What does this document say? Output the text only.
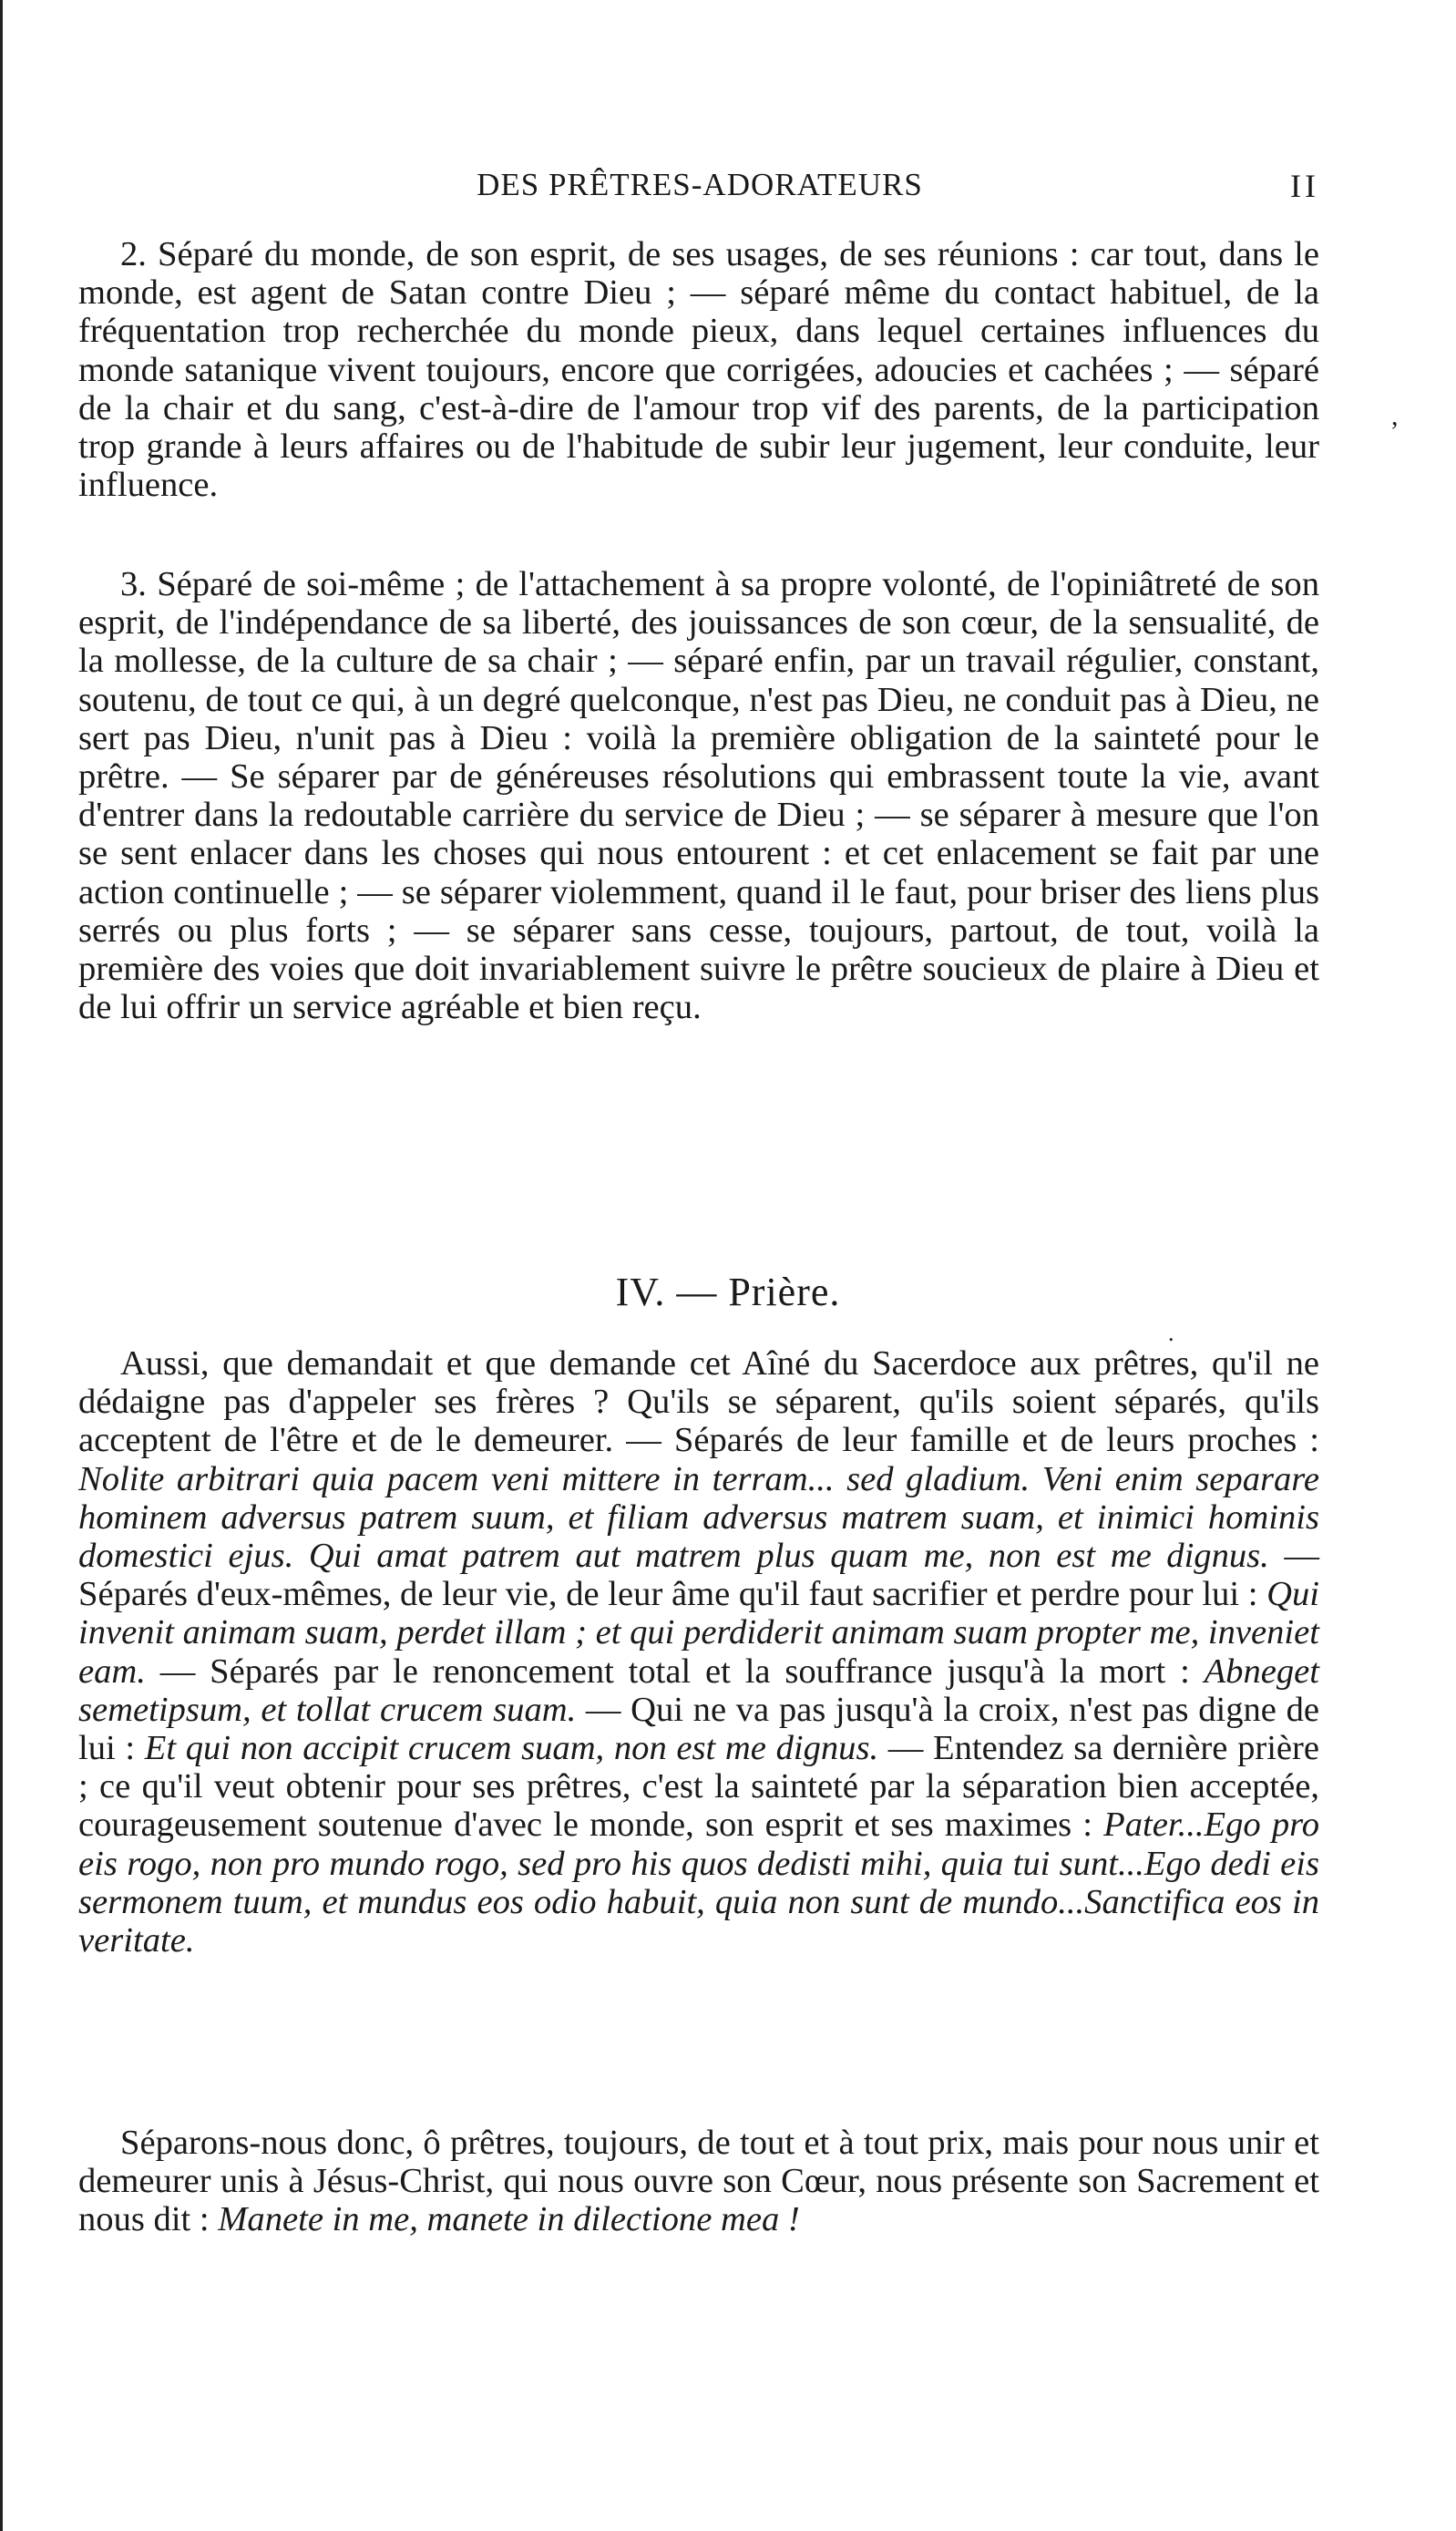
DES PRÊTRES-ADORATEURS	II

2. Séparé du monde, de son esprit, de ses usages, de ses réunions : car tout, dans le monde, est agent de Satan contre Dieu ; — séparé même du contact habituel, de la fréquentation trop recherchée du monde pieux, dans lequel certaines influences du monde satanique vivent toujours, encore que corrigées, adoucies et cachées ; — séparé de la chair et du sang, c'est-à-dire de l'amour trop vif des parents, de la participation trop grande à leurs affaires ou de l'habitude de subir leur jugement, leur conduite, leur influence.

3. Séparé de soi-même ; de l'attachement à sa propre volonté, de l'opiniâtreté de son esprit, de l'indépendance de sa liberté, des jouissances de son cœur, de la sensualité, de la mollesse, de la culture de sa chair ; — séparé enfin, par un travail régulier, constant, soutenu, de tout ce qui, à un degré quelconque, n'est pas Dieu, ne conduit pas à Dieu, ne sert pas Dieu, n'unit pas à Dieu : voilà la première obligation de la sainteté pour le prêtre. — Se séparer par de généreuses résolutions qui embrassent toute la vie, avant d'entrer dans la redoutable carrière du service de Dieu ; — se séparer à mesure que l'on se sent enlacer dans les choses qui nous entourent : et cet enlacement se fait par une action continuelle ; — se séparer violemment, quand il le faut, pour briser des liens plus serrés ou plus forts ; — se séparer sans cesse, toujours, partout, de tout, voilà la première des voies que doit invariablement suivre le prêtre soucieux de plaire à Dieu et de lui offrir un service agréable et bien reçu.

IV. — Prière.

Aussi, que demandait et que demande cet Aîné du Sacerdoce aux prêtres, qu'il ne dédaigne pas d'appeler ses frères ? Qu'ils se séparent, qu'ils soient séparés, qu'ils acceptent de l'être et de le demeurer. — Séparés de leur famille et de leurs proches : Nolite arbitrari quia pacem veni mittere in terram... sed gladium. Veni enim separare hominem adversus patrem suum, et filiam adversus matrem suam, et inimici hominis domestici ejus. Qui amat patrem aut matrem plus quam me, non est me dignus. — Séparés d'eux-mêmes, de leur vie, de leur âme qu'il faut sacrifier et perdre pour lui : Qui invenit animam suam, perdet illam ; et qui perdiderit animam suam propter me, inveniet eam. — Séparés par le renoncement total et la souffrance jusqu'à la mort : Abneget semetipsum, et tollat crucem suam. — Qui ne va pas jusqu'à la croix, n'est pas digne de lui : Et qui non accipit crucem suam, non est me dignus. — Entendez sa dernière prière ; ce qu'il veut obtenir pour ses prêtres, c'est la sainteté par la séparation bien acceptée, courageusement soutenue d'avec le monde, son esprit et ses maximes : Pater...Ego pro eis rogo, non pro mundo rogo, sed pro his quos dedisti mihi, quia tui sunt...Ego dedi eis sermonem tuum, et mundus eos odio habuit, quia non sunt de mundo...Sanctifica eos in veritate.

Séparons-nous donc, ô prêtres, toujours, de tout et à tout prix, mais pour nous unir et demeurer unis à Jésus-Christ, qui nous ouvre son Cœur, nous présente son Sacrement et nous dit : Manete in me, manete in dilectione mea !

,
.
